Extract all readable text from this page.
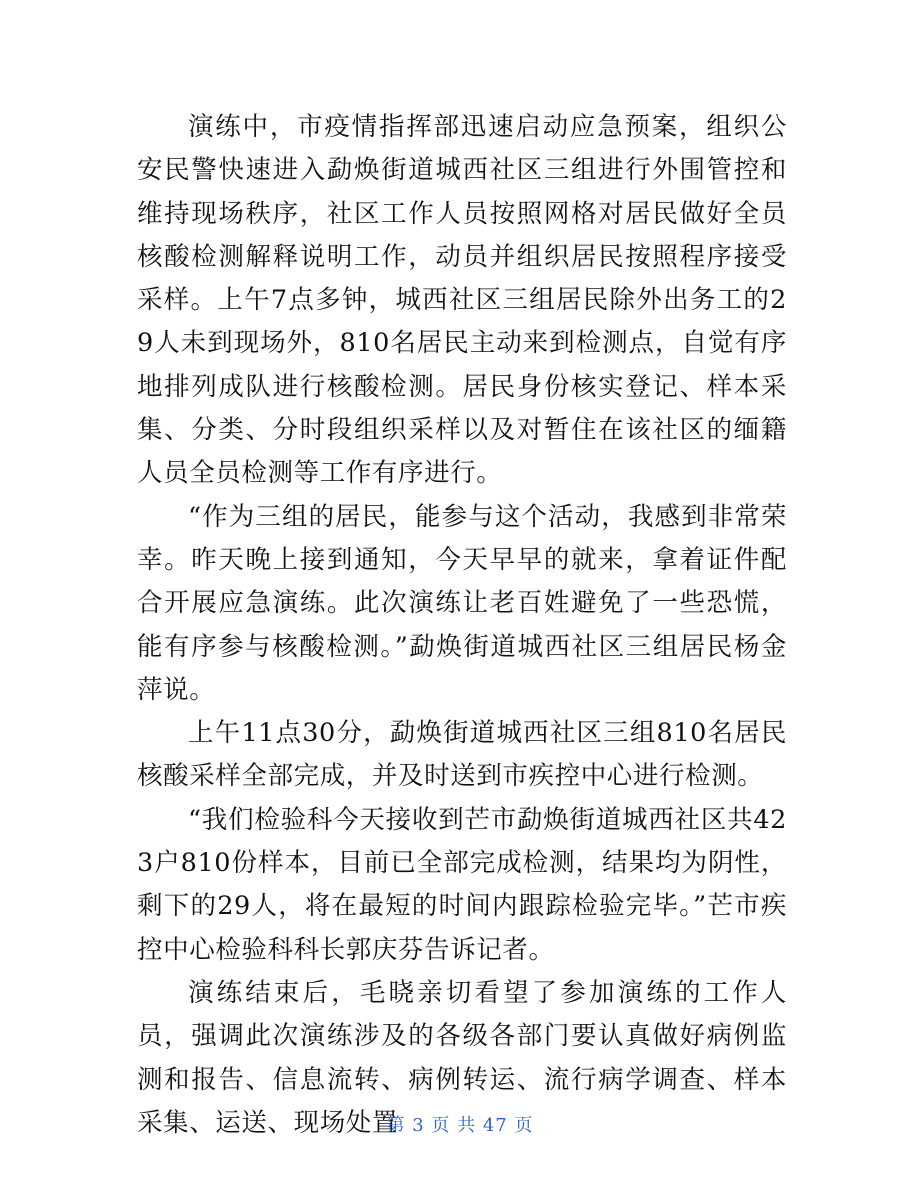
演练中，市疫情指挥部迅速启动应急预案，组织公安民警快速进入勐焕街道城西社区三组进行外围管控和维持现场秩序，社区工作人员按照网格对居民做好全员核酸检测解释说明工作，动员并组织居民按照程序接受采样。上午7点多钟，城西社区三组居民除外出务工的29人未到现场外，810名居民主动来到检测点，自觉有序地排列成队进行核酸检测。居民身份核实登记、样本采集、分类、分时段组织采样以及对暂住在该社区的缅籍人员全员检测等工作有序进行。

“作为三组的居民，能参与这个活动，我感到非常荣幸。昨天晚上接到通知，今天早早的就来，拿着证件配合开展应急演练。此次演练让老百姓避免了一些恐慌，能有序参与核酸检测。”勐焕街道城西社区三组居民杨金萍说。

上午11点30分，勐焕街道城西社区三组810名居民核酸采样全部完成，并及时送到市疾控中心进行检测。

“我们检验科今天接收到芒市勐焕街道城西社区共423户810份样本，目前已全部完成检测，结果均为阴性，剩下的29人，将在最短的时间内跟踪检验完毕。”芒市疾控中心检验科科长郭庆芬告诉记者。

演练结束后，毛晓亲切看望了参加演练的工作人员，强调此次演练涉及的各级各部门要认真做好病例监测和报告、信息流转、病例转运、流行病学调查、样本采集、运送、现场处置

第 3 页 共 47 页
